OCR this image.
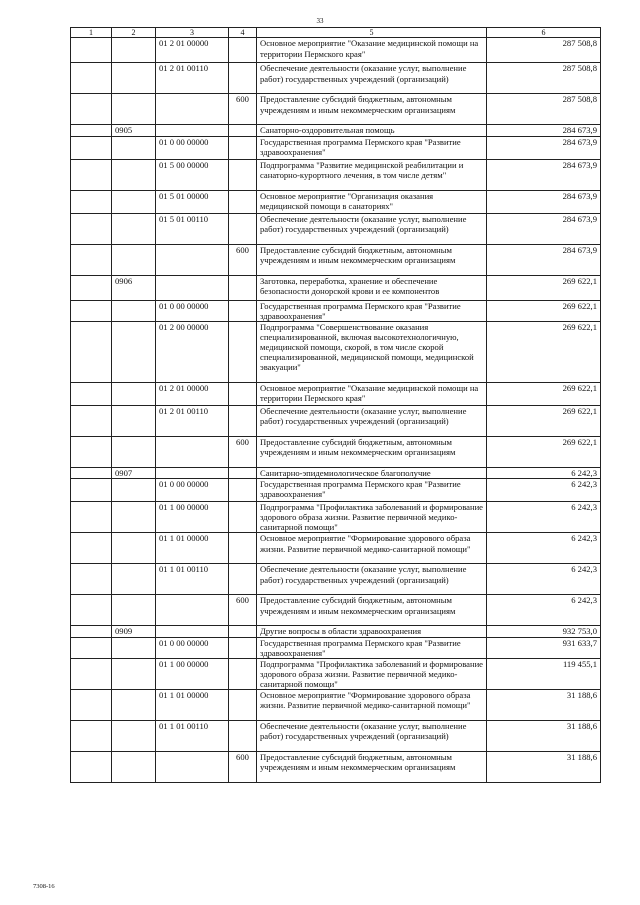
33
1	2	3	4	5	6
		01 2 01 00000		Основное мероприятие "Оказание медицинской помощи на территории Пермского края"	287 508,8
		01 2 01 00110		Обеспечение деятельности (оказание услуг, выполнение работ) государственных учреждений (организаций)	287 508,8
			600	Предоставление субсидий бюджетным, автономным учреждениям и иным некоммерческим организациям	287 508,8
	0905			Санаторно-оздоровительная помощь	284 673,9
		01 0 00 00000		Государственная программа Пермского края "Развитие здравоохранения"	284 673,9
		01 5 00 00000		Подпрограмма "Развитие медицинской реабилитации и санаторно-курортного лечения, в том числе детям"	284 673,9
		01 5 01 00000		Основное мероприятие "Организация оказания медицинской помощи в санаториях"	284 673,9
		01 5 01 00110		Обеспечение деятельности (оказание услуг, выполнение работ) государственных учреждений (организаций)	284 673,9
			600	Предоставление субсидий бюджетным, автономным учреждениям и иным некоммерческим организациям	284 673,9
	0906			Заготовка, переработка, хранение и обеспечение безопасности донорской крови и ее компонентов	269 622,1
		01 0 00 00000		Государственная программа Пермского края "Развитие здравоохранения"	269 622,1
		01 2 00 00000		Подпрограмма "Совершенствование оказания специализированной, включая высокотехнологичную, медицинской помощи, скорой, в том числе скорой специализированной, медицинской помощи, медицинской эвакуации"	269 622,1
		01 2 01 00000		Основное мероприятие "Оказание медицинской помощи на территории Пермского края"	269 622,1
		01 2 01 00110		Обеспечение деятельности (оказание услуг, выполнение работ) государственных учреждений (организаций)	269 622,1
			600	Предоставление субсидий бюджетным, автономным учреждениям и иным некоммерческим организациям	269 622,1
	0907			Санитарно-эпидемиологическое благополучие	6 242,3
		01 0 00 00000		Государственная программа Пермского края "Развитие здравоохранения"	6 242,3
		01 1 00 00000		Подпрограмма "Профилактика заболеваний и формирование здорового образа жизни. Развитие первичной медико-санитарной помощи"	6 242,3
		01 1 01 00000		Основное мероприятие "Формирование здорового образа жизни. Развитие первичной медико-санитарной помощи"	6 242,3
		01 1 01 00110		Обеспечение деятельности (оказание услуг, выполнение работ) государственных учреждений (организаций)	6 242,3
			600	Предоставление субсидий бюджетным, автономным учреждениям и иным некоммерческим организациям	6 242,3
	0909			Другие вопросы в области здравоохранения	932 753,0
		01 0 00 00000		Государственная программа Пермского края "Развитие здравоохранения"	931 633,7
		01 1 00 00000		Подпрограмма "Профилактика заболеваний и формирование здорового образа жизни. Развитие первичной медико-санитарной помощи"	119 455,1
		01 1 01 00000		Основное мероприятие "Формирование здорового образа жизни. Развитие первичной медико-санитарной помощи"	31 188,6
		01 1 01 00110		Обеспечение деятельности (оказание услуг, выполнение работ) государственных учреждений (организаций)	31 188,6
			600	Предоставление субсидий бюджетным, автономным учреждениям и иным некоммерческим организациям	31 188,6
7308-16
